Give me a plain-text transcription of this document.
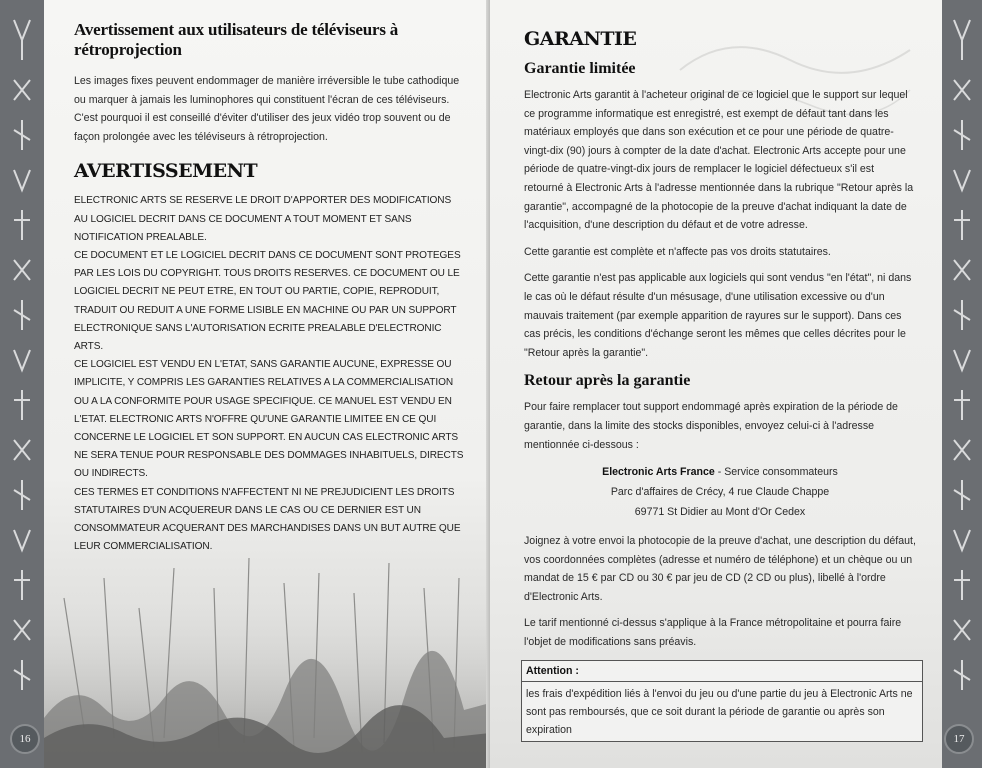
16
Avertissement aux utilisateurs de téléviseurs à rétroprojection

Les images fixes peuvent endommager de manière irréversible le tube cathodique ou marquer à jamais les luminophores qui constituent l'écran de ces téléviseurs. C'est pourquoi il est conseillé d'éviter d'utiliser des jeux vidéo trop souvent ou de façon prolongée avec les téléviseurs à rétroprojection.

AVERTISSEMENT

ELECTRONIC ARTS SE RESERVE LE DROIT D'APPORTER DES MODIFICATIONS AU LOGICIEL DECRIT DANS CE DOCUMENT A TOUT MOMENT ET SANS NOTIFICATION PREALABLE.

CE DOCUMENT ET LE LOGICIEL DECRIT DANS CE DOCUMENT SONT PROTEGES PAR LES LOIS DU COPYRIGHT. TOUS DROITS RESERVES. CE DOCUMENT OU LE LOGICIEL DECRIT NE PEUT ETRE, EN TOUT OU PARTIE, COPIE, REPRODUIT, TRADUIT OU REDUIT A UNE FORME LISIBLE EN MACHINE OU PAR UN SUPPORT ELECTRONIQUE SANS L'AUTORISATION ECRITE PREALABLE D'ELECTRONIC ARTS.

CE LOGICIEL EST VENDU EN L'ETAT, SANS GARANTIE AUCUNE, EXPRESSE OU IMPLICITE, Y COMPRIS LES GARANTIES RELATIVES A LA COMMERCIALISATION OU A LA CONFORMITE POUR USAGE SPECIFIQUE. CE MANUEL EST VENDU EN L'ETAT. ELECTRONIC ARTS N'OFFRE QU'UNE GARANTIE LIMITEE EN CE QUI CONCERNE LE LOGICIEL ET SON SUPPORT. EN AUCUN CAS ELECTRONIC ARTS NE SERA TENUE POUR RESPONSABLE DES DOMMAGES INHABITUELS, DIRECTS OU INDIRECTS.

CES TERMES ET CONDITIONS N'AFFECTENT NI NE PREJUDICIENT LES DROITS STATUTAIRES D'UN ACQUEREUR DANS LE CAS OU CE DERNIER EST UN CONSOMMATEUR ACQUERANT DES MARCHANDISES DANS UN BUT AUTRE QUE LEUR COMMERCIALISATION.

17
GARANTIE
Garantie limitée

Electronic Arts garantit à l'acheteur original de ce logiciel que le support sur lequel ce programme informatique est enregistré, est exempt de défaut tant dans les matériaux employés que dans son exécution et ce pour une période de quatre-vingt-dix (90) jours à compter de la date d'achat. Electronic Arts accepte pour une période de quatre-vingt-dix jours de remplacer le logiciel défectueux s'il est retourné à Electronic Arts à l'adresse mentionnée dans la rubrique "Retour après la garantie", accompagné de la photocopie de la preuve d'achat indiquant la date de l'acquisition, d'une description du défaut et de votre adresse.

Cette garantie est complète et n'affecte pas vos droits statutaires.

Cette garantie n'est pas applicable aux logiciels qui sont vendus "en l'état", ni dans le cas où le défaut résulte d'un mésusage, d'une utilisation excessive ou d'un mauvais traitement (par exemple apparition de rayures sur le support). Dans ces cas précis, les conditions d'échange seront les mêmes que celles décrites pour le "Retour après la garantie".

Retour après la garantie

Pour faire remplacer tout support endommagé après expiration de la période de garantie, dans la limite des stocks disponibles, envoyez celui-ci à l'adresse mentionnée ci-dessous :

Electronic Arts France - Service consommateurs
Parc d'affaires de Crécy, 4 rue Claude Chappe
69771 St Didier au Mont d'Or Cedex

Joignez à votre envoi la photocopie de la preuve d'achat, une description du défaut, vos coordonnées complètes (adresse et numéro de téléphone) et un chèque ou un mandat de 15 € par CD ou 30 € par jeu de CD (2 CD ou plus), libellé à l'ordre d'Electronic Arts.

Le tarif mentionné ci-dessus s'applique à la France métropolitaine et pourra faire l'objet de modifications sans préavis.

Attention :
les frais d'expédition liés à l'envoi du jeu ou d'une partie du jeu à Electronic Arts ne sont pas remboursés, que ce soit durant la période de garantie ou après son expiration
